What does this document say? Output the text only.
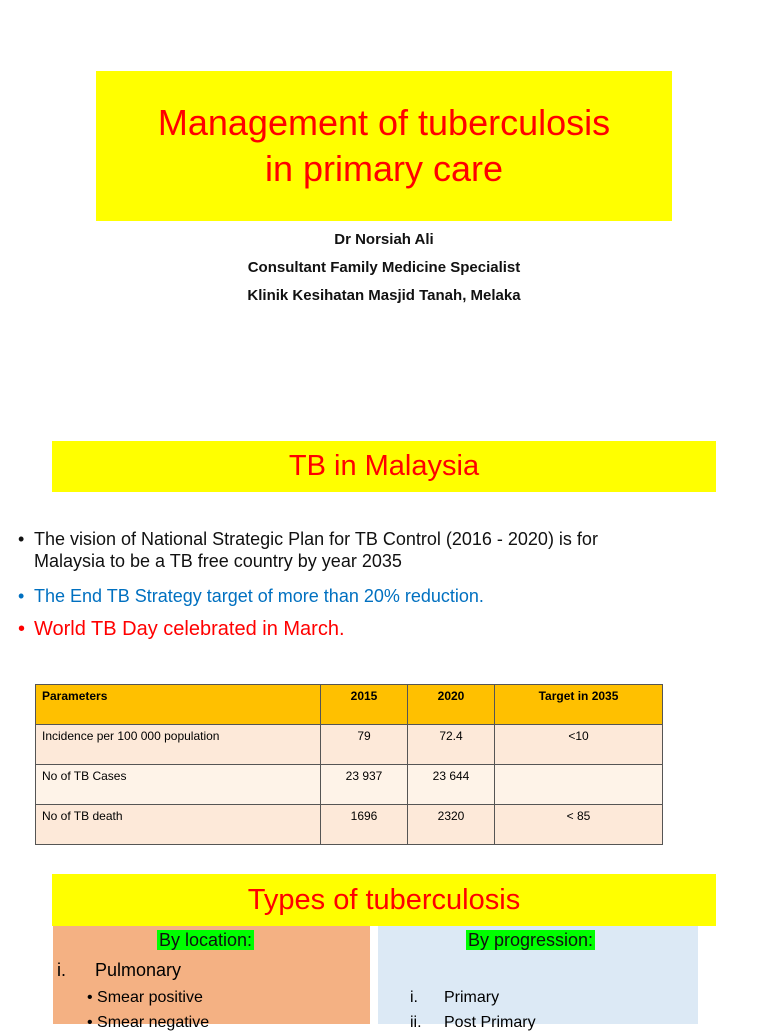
Management of tuberculosis
in primary care
Dr Norsiah Ali
Consultant Family Medicine Specialist
Klinik Kesihatan Masjid Tanah, Melaka
TB in Malaysia
• The vision of National Strategic Plan for TB Control (2016 - 2020) is for
Malaysia to be a TB free country by year 2035
• The End TB Strategy target of more than 20% reduction.
• World TB Day celebrated in March.
Parameters	2015	2020	Target in 2035
Incidence per 100 000 population	79	72.4	<10
No of TB Cases	23 937	23 644	
No of TB death	1696	2320	< 85
Types of tuberculosis
By location:
i. Pulmonary
• Smear positive
• Smear negative
By progression:
i. Primary
ii. Post Primary
